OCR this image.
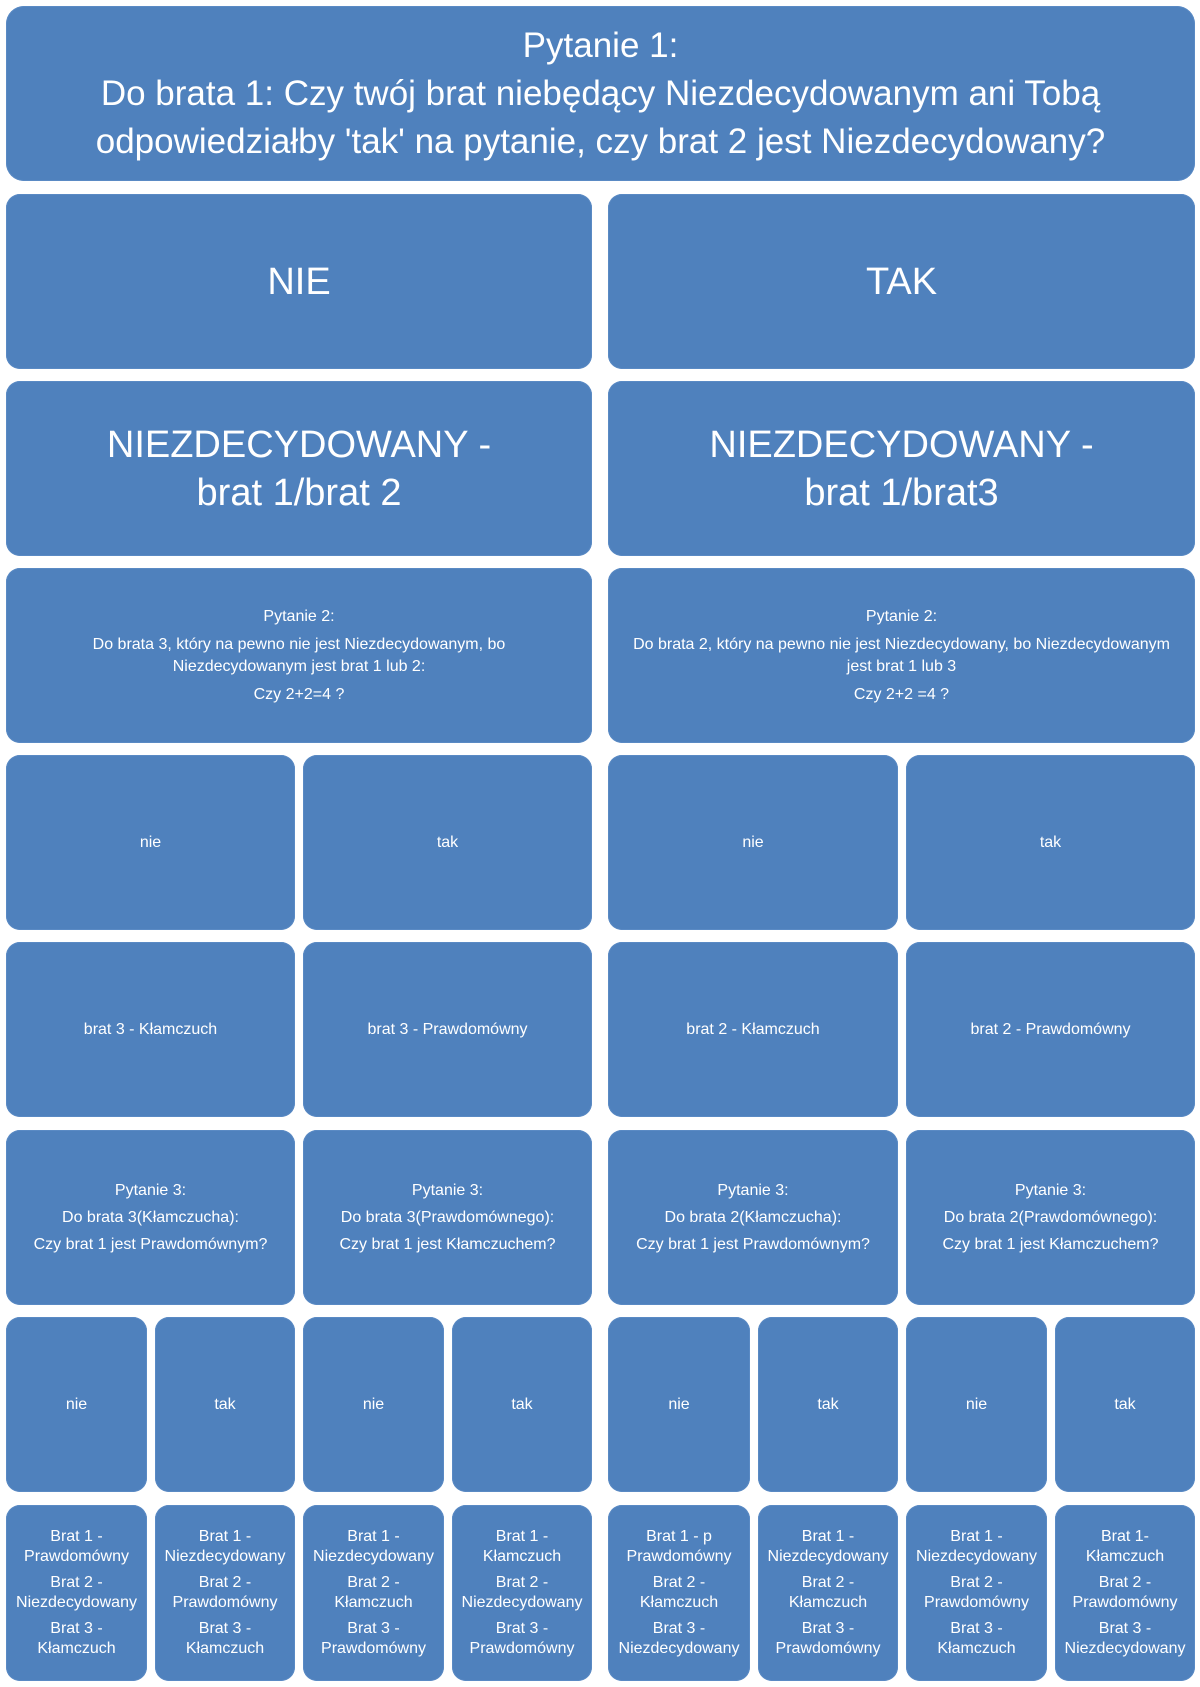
Pytanie 1:
Do brata 1: Czy twój brat niebędący Niezdecydowanym ani Tobą
odpowiedziałby 'tak' na pytanie, czy brat 2 jest Niezdecydowany?
NIE	TAK
NIEZDECYDOWANY -
brat 1/brat 2
NIEZDECYDOWANY -
brat 1/brat3
Pytanie 2:
Do brata 3, który na pewno nie jest Niezdecydowanym, bo
Niezdecydowanym jest brat 1 lub 2:
Czy 2+2=4 ?
Pytanie 2:
Do brata 2, który na pewno nie jest Niezdecydowany, bo Niezdecydowanym
jest brat 1 lub 3
Czy 2+2 =4 ?
nie	tak	nie	tak
brat 3 - Kłamczuch	brat 3 - Prawdomówny	brat 2 - Kłamczuch	brat 2 - Prawdomówny
Pytanie 3:
Do brata 3(Kłamczucha):
Czy brat 1 jest Prawdomównym?
Pytanie 3:
Do brata 3(Prawdomównego):
Czy brat 1 jest Kłamczuchem?
Pytanie 3:
Do brata 2(Kłamczucha):
Czy brat 1 jest Prawdomównym?
Pytanie 3:
Do brata 2(Prawdomównego):
Czy brat 1 jest Kłamczuchem?
nie	tak	nie	tak	nie	tak	nie	tak
Brat 1 -
Prawdomówny
Brat 2 -
Niezdecydowany
Brat 3 -
Kłamczuch
Brat 1 -
Niezdecydowany
Brat 2 -
Prawdomówny
Brat 3 -
Kłamczuch
Brat 1 -
Niezdecydowany
Brat 2 -
Kłamczuch
Brat 3 -
Prawdomówny
Brat 1 -
Kłamczuch
Brat 2 -
Niezdecydowany
Brat 3 -
Prawdomówny
Brat 1 - p
Prawdomówny
Brat 2 -
Kłamczuch
Brat 3 -
Niezdecydowany
Brat 1 -
Niezdecydowany
Brat 2 -
Kłamczuch
Brat 3 -
Prawdomówny
Brat 1 -
Niezdecydowany
Brat 2 -
Prawdomówny
Brat 3 -
Kłamczuch
Brat 1-
Kłamczuch
Brat 2 -
Prawdomówny
Brat 3 -
Niezdecydowany
